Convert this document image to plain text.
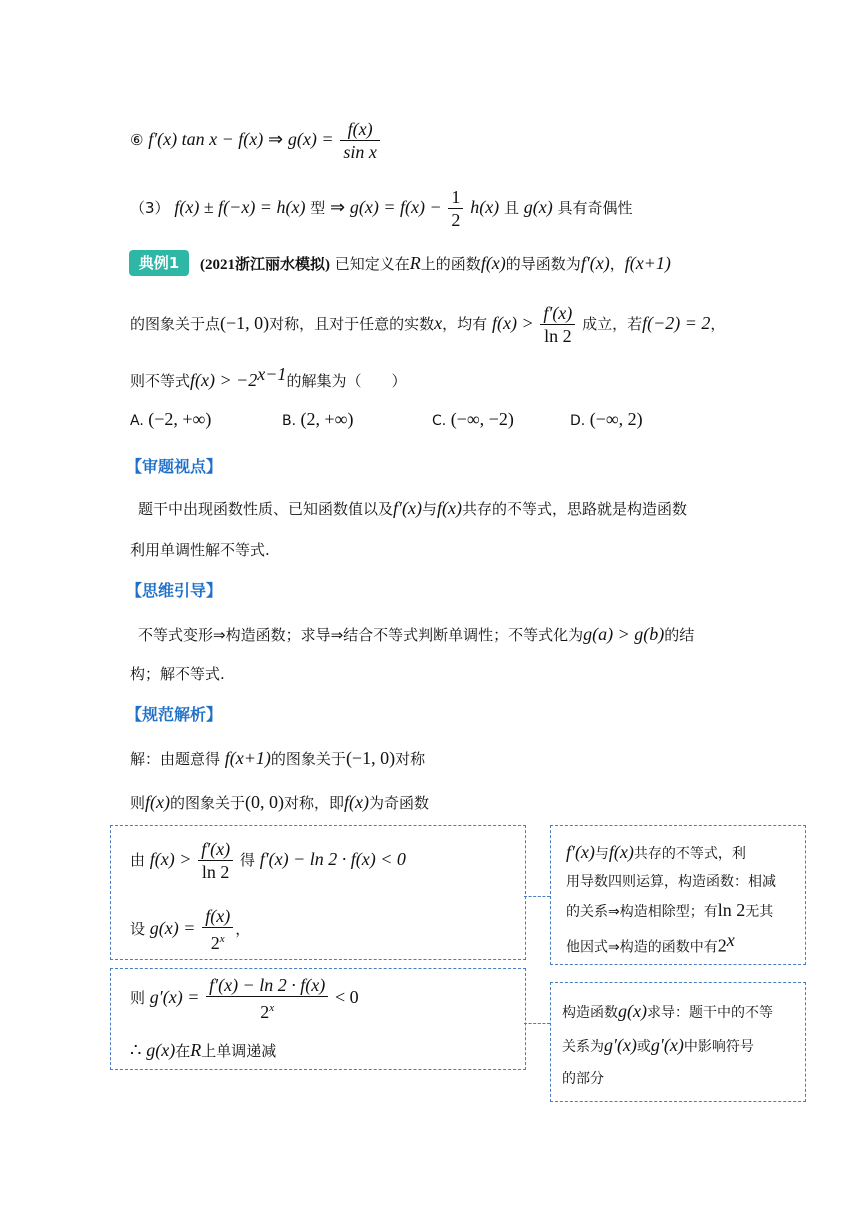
⑥ f′(x) tan x − f(x) ⇒ $g(x) = \frac{f(x)}{\text{sin x}}$
（3） f(x) ± f(−x) = h(x) 型 ⇒ $g(x) = f(x) - \frac{1}{2} h(x)$ 且 g(x) 具有奇偶性
典例1	(2021浙江丽水模拟) 已知定义在R上的函数f(x)的导函数为f′(x)，f(x+1)
的图象关于点(−1, 0)对称，且对于任意的实数x，均有 $f(x) > \frac{f'(x)}{\ln 2}$ 成立，若f(−2) = 2，
则不等式$f(x) > -2^{x-1}$的解集为（　　）
A. (−2, +∞)	B. (2, +∞)	C. (−∞, −2)	D. (−∞, 2)
【审题视点】
题干中出现函数性质、已知函数值以及f′(x)与f(x)共存的不等式，思路就是构造函数
利用单调性解不等式.
【思维引导】
不等式变形⇒构造函数；求导⇒结合不等式判断单调性；不等式化为g(a) > g(b)的结
构；解不等式.
【规范解析】
解：由题意得 f(x+1)的图象关于(−1, 0)对称
则f(x)的图象关于(0, 0)对称，即f(x)为奇函数
由 $f(x) > \frac{f'(x)}{\ln 2}$ 得 f′(x) − ln 2 · f(x) < 0
设 $g(x) = \frac{f(x)}{2^x}$ ，
则 $g'(x) = \frac{f'(x) - \ln 2 \cdot f(x)}{2^x} < 0$
∴ g(x)在R上单调递减
f′(x)与f(x)共存的不等式，利
用导数四则运算，构造函数：相减
的关系⇒构造相除型；有ln 2无其
他因式⇒构造的函数中有2$^x$
构造函数g(x)求导：题干中的不等
关系为g′(x)或g′(x)中影响符号
的部分
